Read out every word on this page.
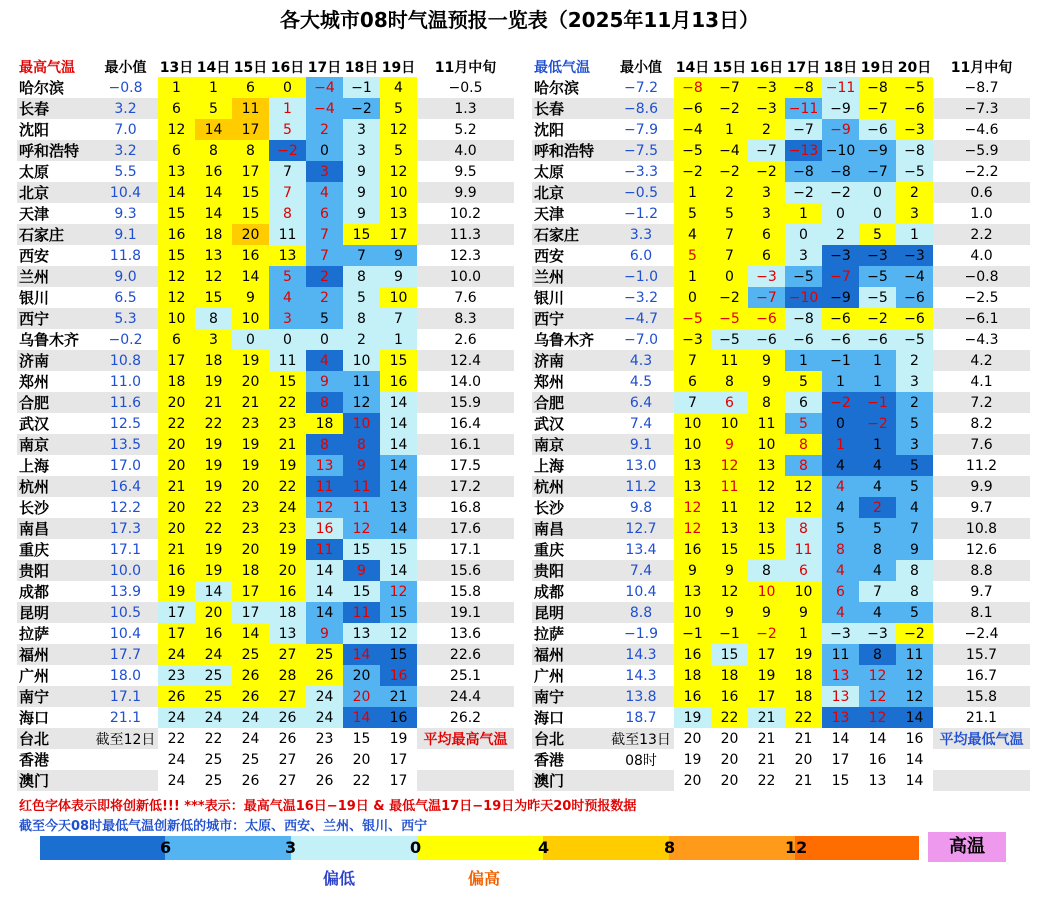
各大城市08时气温预报一览表（2025年11月13日）
最高气温	最小值	13日	14日	15日	16日	17日	18日	19日	11月中旬
哈尔滨	−0.8	1	1	6	0	−4	−1	4	−0.5
长春	3.2	6	5	11	1	−4	−2	5	1.3
沈阳	7.0	12	14	17	5	2	3	12	5.2
呼和浩特	3.2	6	8	8	−2	0	3	5	4.0
太原	5.5	13	16	17	7	3	9	12	9.5
北京	10.4	14	14	15	7	4	9	10	9.9
天津	9.3	15	14	15	8	6	9	13	10.2
石家庄	9.1	16	18	20	11	7	15	17	11.3
西安	11.8	15	13	16	13	7	7	9	12.3
兰州	9.0	12	12	14	5	2	8	9	10.0
银川	6.5	12	15	9	4	2	5	10	7.6
西宁	5.3	10	8	10	3	5	8	7	8.3
乌鲁木齐	−0.2	6	3	0	0	0	2	1	2.6
济南	10.8	17	18	19	11	4	10	15	12.4
郑州	11.0	18	19	20	15	9	11	16	14.0
合肥	11.6	20	21	21	22	8	12	14	15.9
武汉	12.5	22	22	23	23	18	10	14	16.4
南京	13.5	20	19	19	21	8	8	14	16.1
上海	17.0	20	19	19	19	13	9	14	17.5
杭州	16.4	21	19	20	22	11	11	14	17.2
长沙	12.2	20	22	23	24	12	11	13	16.8
南昌	17.3	20	22	23	23	16	12	14	17.6
重庆	17.1	21	19	20	19	11	15	15	17.1
贵阳	10.0	16	19	18	20	14	9	14	15.6
成都	13.9	19	14	17	16	14	15	12	15.8
昆明	10.5	17	20	17	18	14	11	15	19.1
拉萨	10.4	17	16	14	13	9	13	12	13.6
福州	17.7	24	24	25	27	25	14	15	22.6
广州	18.0	23	25	26	28	26	20	16	25.1
南宁	17.1	26	25	26	27	24	20	21	24.4
海口	21.1	24	24	24	26	24	14	16	26.2
台北	截至12日	22	22	24	26	23	15	19	平均最高气温
香港		24	25	25	27	26	20	17	
澳门		24	25	26	27	26	22	17	
最低气温	最小值	14日	15日	16日	17日	18日	19日	20日	11月中旬
哈尔滨	−7.2	−8	−7	−3	−8	−11	−8	−5	−8.7
长春	−8.6	−6	−2	−3	−11	−9	−7	−6	−7.3
沈阳	−7.9	−4	1	2	−7	−9	−6	−3	−4.6
呼和浩特	−7.5	−5	−4	−7	−13	−10	−9	−8	−5.9
太原	−3.3	−2	−2	−2	−8	−8	−7	−5	−2.2
北京	−0.5	1	2	3	−2	−2	0	2	0.6
天津	−1.2	5	5	3	1	0	0	3	1.0
石家庄	3.3	4	7	6	0	2	5	1	2.2
西安	6.0	5	7	6	3	−3	−3	−3	4.0
兰州	−1.0	1	0	−3	−5	−7	−5	−4	−0.8
银川	−3.2	0	−2	−7	−10	−9	−5	−6	−2.5
西宁	−4.7	−5	−5	−6	−8	−6	−2	−6	−6.1
乌鲁木齐	−7.0	−3	−5	−6	−6	−6	−6	−5	−4.3
济南	4.3	7	11	9	1	−1	1	2	4.2
郑州	4.5	6	8	9	5	1	1	3	4.1
合肥	6.4	7	6	8	6	−2	−1	2	7.2
武汉	7.4	10	10	11	5	0	−2	5	8.2
南京	9.1	10	9	10	8	1	1	3	7.6
上海	13.0	13	12	13	8	4	4	5	11.2
杭州	11.2	13	11	12	12	4	4	5	9.9
长沙	9.8	12	11	12	12	4	2	4	9.7
南昌	12.7	12	13	13	8	5	5	7	10.8
重庆	13.4	16	15	15	11	8	8	9	12.6
贵阳	7.4	9	9	8	6	4	4	8	8.8
成都	10.4	13	12	10	10	6	7	8	9.7
昆明	8.8	10	9	9	9	4	4	5	8.1
拉萨	−1.9	−1	−1	−2	1	−3	−3	−2	−2.4
福州	14.3	16	15	17	19	11	8	11	15.7
广州	14.3	18	18	19	18	13	12	12	16.7
南宁	13.8	16	16	17	18	13	12	12	15.8
海口	18.7	19	22	21	22	13	12	14	21.1
台北	截至13日	20	20	21	21	14	14	16	平均最低气温
香港	08时	19	20	21	20	17	16	14	
澳门		20	20	22	21	15	13	14	
红色字体表示即将创新低!!! ***表示：最高气温16日−19日 & 最低气温17日−19日为昨天20时预报数据
截至今天08时最低气温创新低的城市：太原、西安、兰州、银川、西宁
6	3	0	4	8	12
偏低	偏高
高温
